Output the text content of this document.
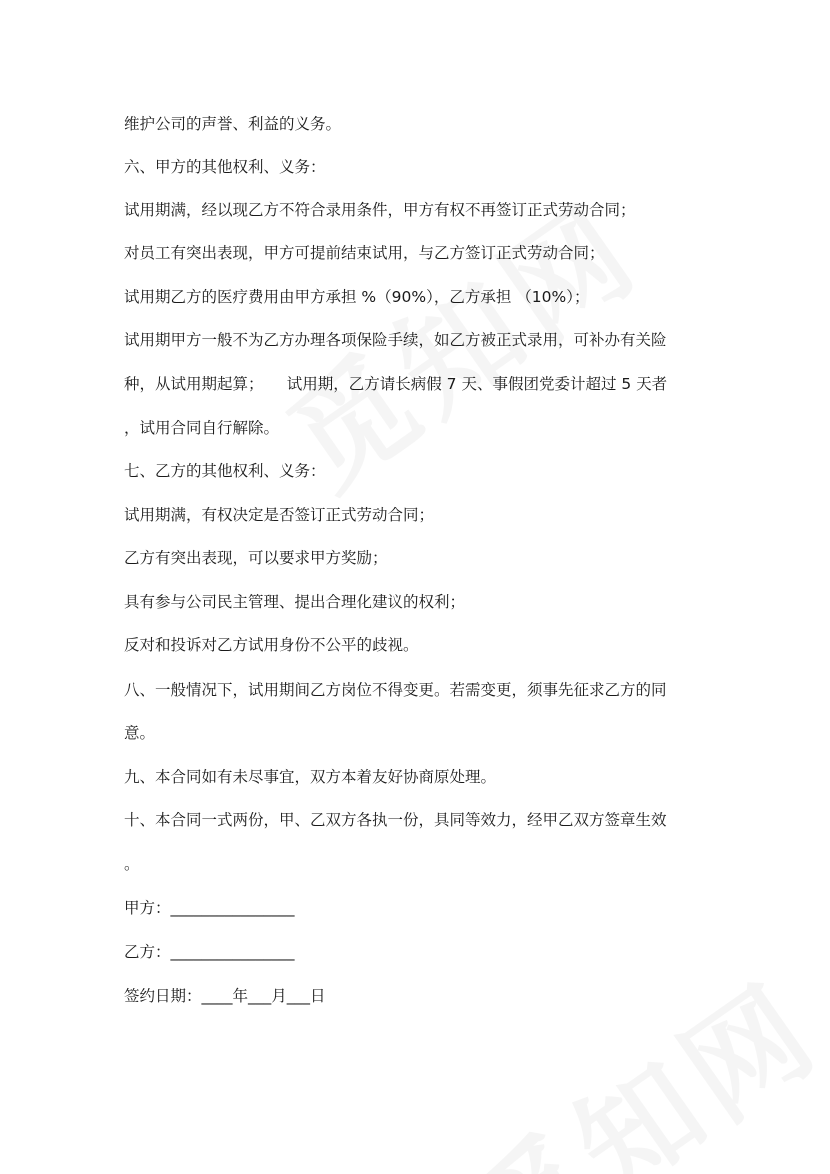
维护公司的声誉、利益的义务。
六、甲方的其他权利、义务：
试用期满，经以现乙方不符合录用条件，甲方有权不再签订正式劳动合同；
对员工有突出表现，甲方可提前结束试用，与乙方签订正式劳动合同；
试用期乙方的医疗费用由甲方承担 %（90%），乙方承担 （10%）；
试用期甲方一般不为乙方办理各项保险手续，如乙方被正式录用，可补办有关险
种，从试用期起算；　　试用期，乙方请长病假 7 天、事假团党委计超过 5 天者
，试用合同自行解除。
七、乙方的其他权利、义务：
试用期满，有权决定是否签订正式劳动合同；
乙方有突出表现，可以要求甲方奖励；
具有参与公司民主管理、提出合理化建议的权利；
反对和投诉对乙方试用身份不公平的歧视。
八、一般情况下，试用期间乙方岗位不得变更。若需变更，须事先征求乙方的同
意。
九、本合同如有未尽事宜，双方本着友好协商原处理。
十、本合同一式两份，甲、乙双方各执一份，具同等效力，经甲乙双方签章生效
。
甲方：________________
乙方：________________
签约日期：____年___月___日
